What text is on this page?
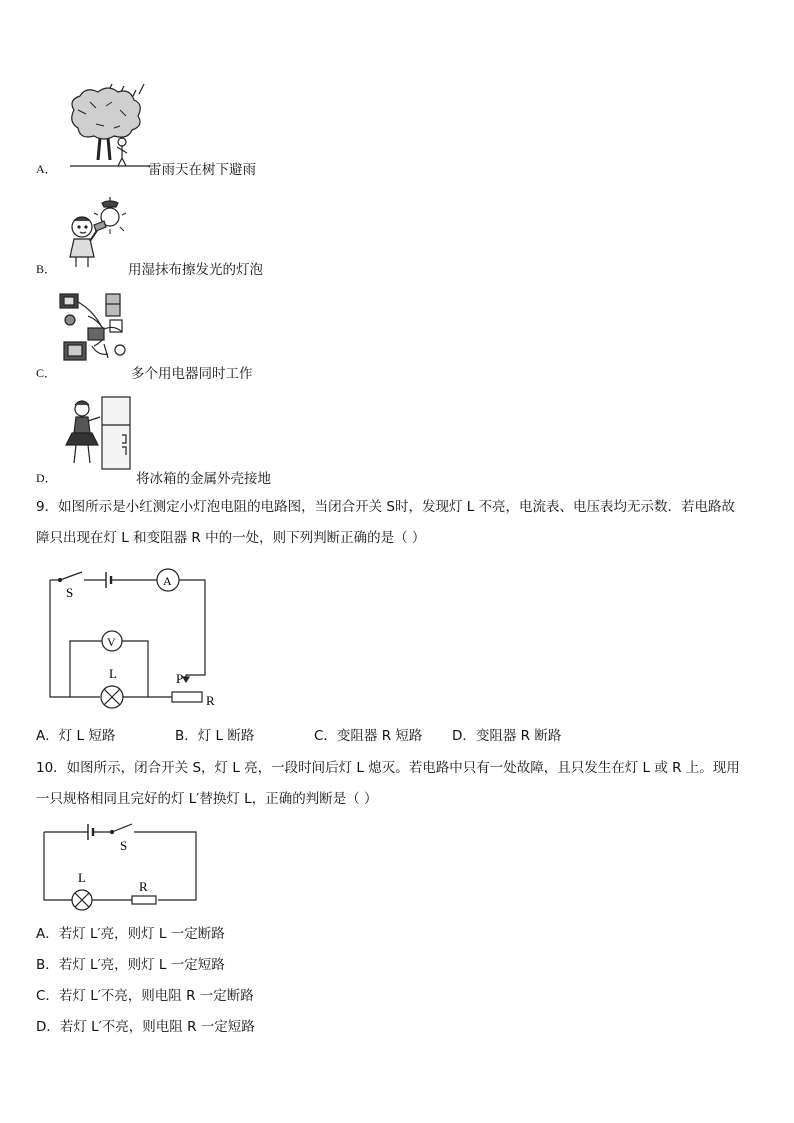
A．	雷雨天在树下避雨
B．	用湿抹布擦发光的灯泡
C．	多个用电器同时工作
D．	将冰箱的金属外壳接地
9．如图所示是小红测定小灯泡电阻的电路图，当闭合开关 S时，发现灯 L 不亮，电流表、电压表均无示数．若电路故
障只出现在灯 L 和变阻器 R 中的一处，则下列判断正确的是（ ）
S
A
V
L	P
R
A．灯 L 短路	B．灯 L 断路	C．变阻器 R 短路 D．变阻器 R 断路
10．如图所示，闭合开关 S，灯 L 亮，一段时间后灯 L 熄灭。若电路中只有一处故障，且只发生在灯 L 或 R 上。现用
一只规格相同且完好的灯 L′替换灯 L，正确的判断是（ ）
S
L
R
A．若灯 L′亮，则灯 L 一定断路
B．若灯 L′亮，则灯 L 一定短路
C．若灯 L′不亮，则电阻 R 一定断路
D．若灯 L′不亮，则电阻 R 一定短路
